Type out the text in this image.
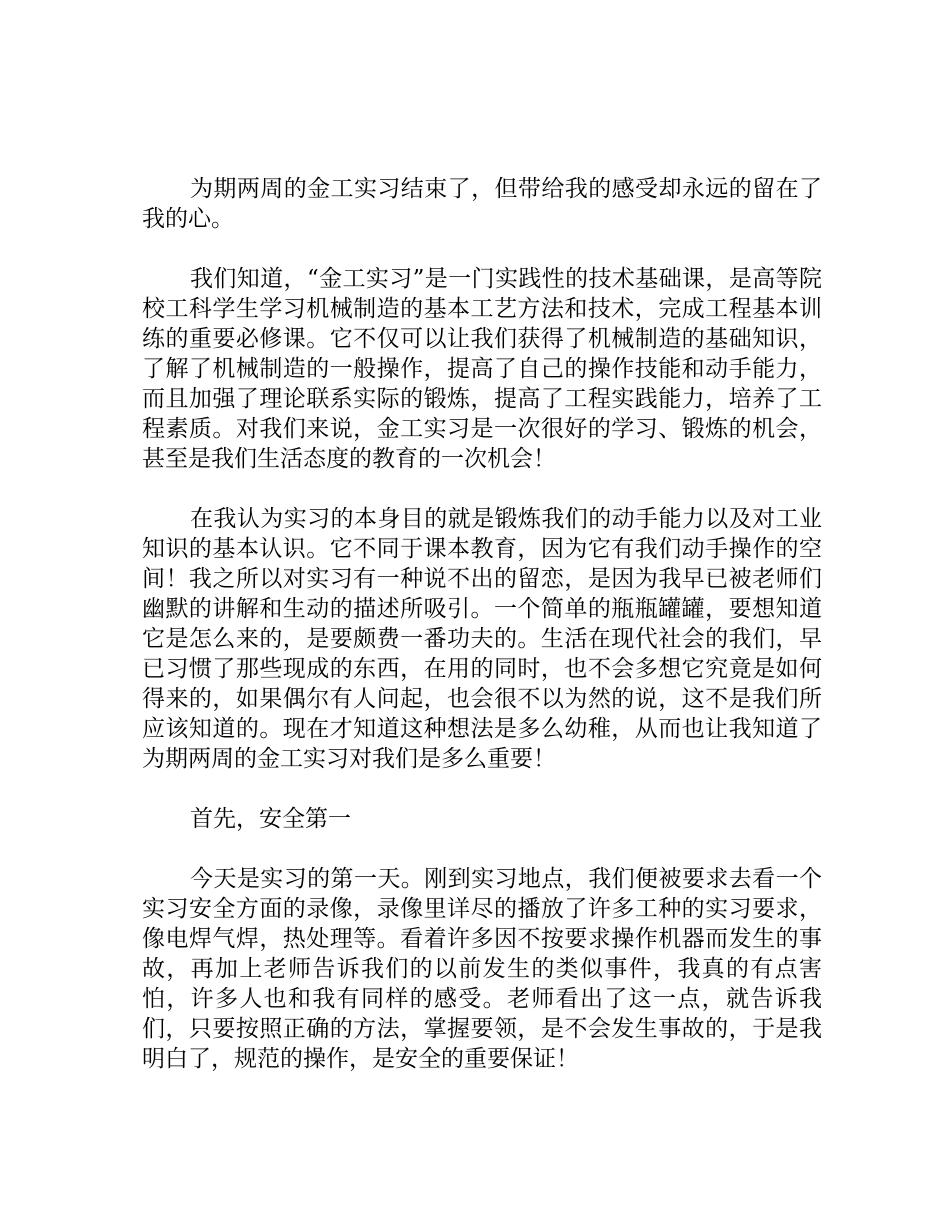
为期两周的金工实习结束了，但带给我的感受却永远的留在了我的心。

我们知道，“金工实习”是一门实践性的技术基础课，是高等院校工科学生学习机械制造的基本工艺方法和技术，完成工程基本训练的重要必修课。它不仅可以让我们获得了机械制造的基础知识，了解了机械制造的一般操作，提高了自己的操作技能和动手能力，而且加强了理论联系实际的锻炼，提高了工程实践能力，培养了工程素质。对我们来说，金工实习是一次很好的学习、锻炼的机会，甚至是我们生活态度的教育的一次机会！

在我认为实习的本身目的就是锻炼我们的动手能力以及对工业知识的基本认识。它不同于课本教育，因为它有我们动手操作的空间！我之所以对实习有一种说不出的留恋，是因为我早已被老师们幽默的讲解和生动的描述所吸引。一个简单的瓶瓶罐罐，要想知道它是怎么来的，是要颇费一番功夫的。生活在现代社会的我们，早已习惯了那些现成的东西，在用的同时，也不会多想它究竟是如何得来的，如果偶尔有人问起，也会很不以为然的说，这不是我们所应该知道的。现在才知道这种想法是多么幼稚，从而也让我知道了为期两周的金工实习对我们是多么重要！

首先，安全第一

今天是实习的第一天。刚到实习地点，我们便被要求去看一个实习安全方面的录像，录像里详尽的播放了许多工种的实习要求，像电焊气焊，热处理等。看着许多因不按要求操作机器而发生的事故，再加上老师告诉我们的以前发生的类似事件，我真的有点害怕，许多人也和我有同样的感受。老师看出了这一点，就告诉我们，只要按照正确的方法，掌握要领，是不会发生事故的，于是我明白了，规范的操作，是安全的重要保证！
